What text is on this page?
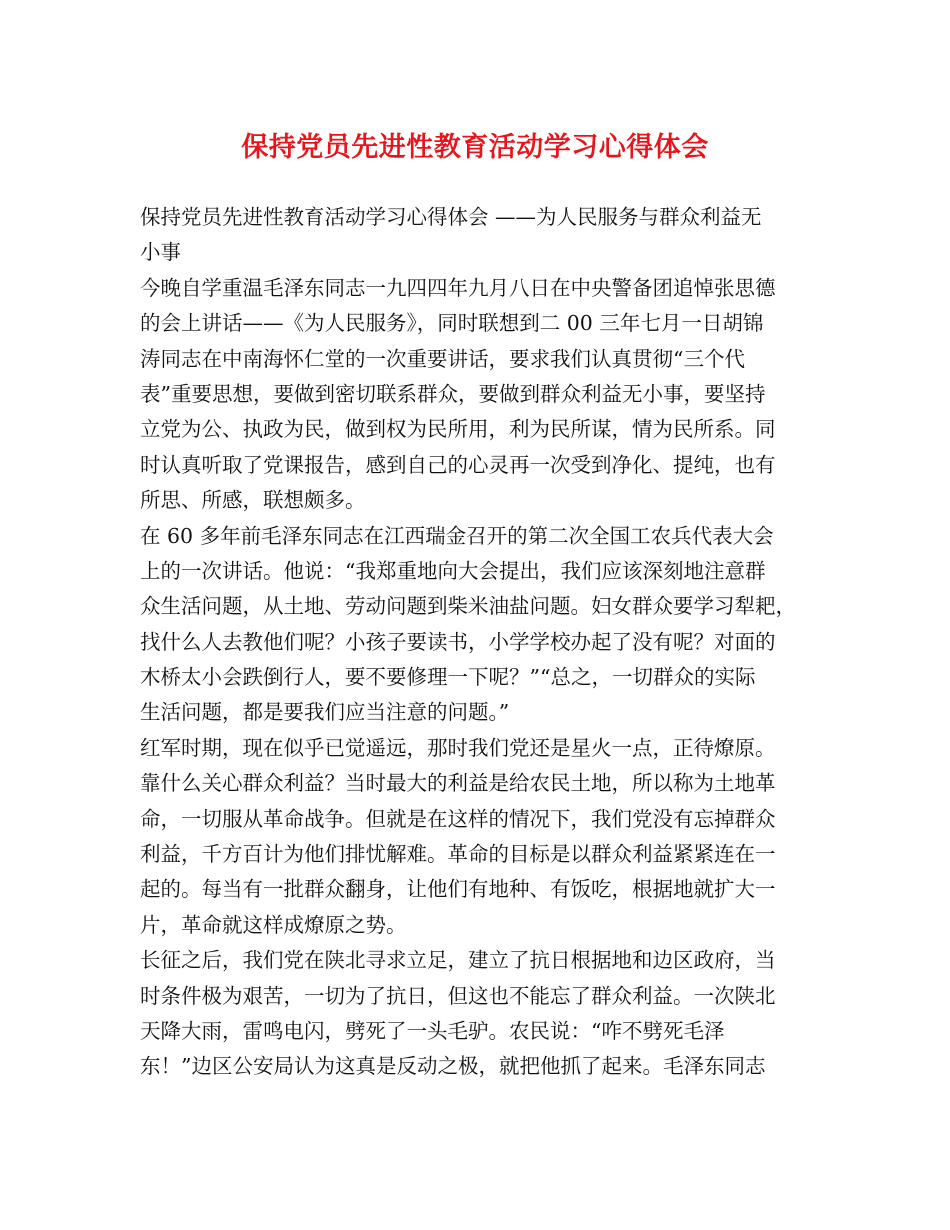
保持党员先进性教育活动学习心得体会
保持党员先进性教育活动学习心得体会 ——为人民服务与群众利益无
小事
今晚自学重温毛泽东同志一九四四年九月八日在中央警备团追悼张思德
的会上讲话——《为人民服务》，同时联想到二 00 三年七月一日胡锦
涛同志在中南海怀仁堂的一次重要讲话，要求我们认真贯彻“三个代
表”重要思想，要做到密切联系群众，要做到群众利益无小事，要坚持
立党为公、执政为民，做到权为民所用，利为民所谋，情为民所系。同
时认真听取了党课报告，感到自己的心灵再一次受到净化、提纯，也有
所思、所感，联想颇多。
在 60 多年前毛泽东同志在江西瑞金召开的第二次全国工农兵代表大会
上的一次讲话。他说：“我郑重地向大会提出，我们应该深刻地注意群
众生活问题，从土地、劳动问题到柴米油盐问题。妇女群众要学习犁耙，
找什么人去教他们呢？小孩子要读书，小学学校办起了没有呢？对面的
木桥太小会跌倒行人，要不要修理一下呢？”“总之，一切群众的实际
生活问题，都是要我们应当注意的问题。”
红军时期，现在似乎已觉遥远，那时我们党还是星火一点，正待燎原。
靠什么关心群众利益？当时最大的利益是给农民土地，所以称为土地革
命，一切服从革命战争。但就是在这样的情况下，我们党没有忘掉群众
利益，千方百计为他们排忧解难。革命的目标是以群众利益紧紧连在一
起的。每当有一批群众翻身，让他们有地种、有饭吃，根据地就扩大一
片，革命就这样成燎原之势。
长征之后，我们党在陕北寻求立足，建立了抗日根据地和边区政府，当
时条件极为艰苦，一切为了抗日，但这也不能忘了群众利益。一次陕北
天降大雨，雷鸣电闪，劈死了一头毛驴。农民说：“咋不劈死毛泽
东！”边区公安局认为这真是反动之极，就把他抓了起来。毛泽东同志
